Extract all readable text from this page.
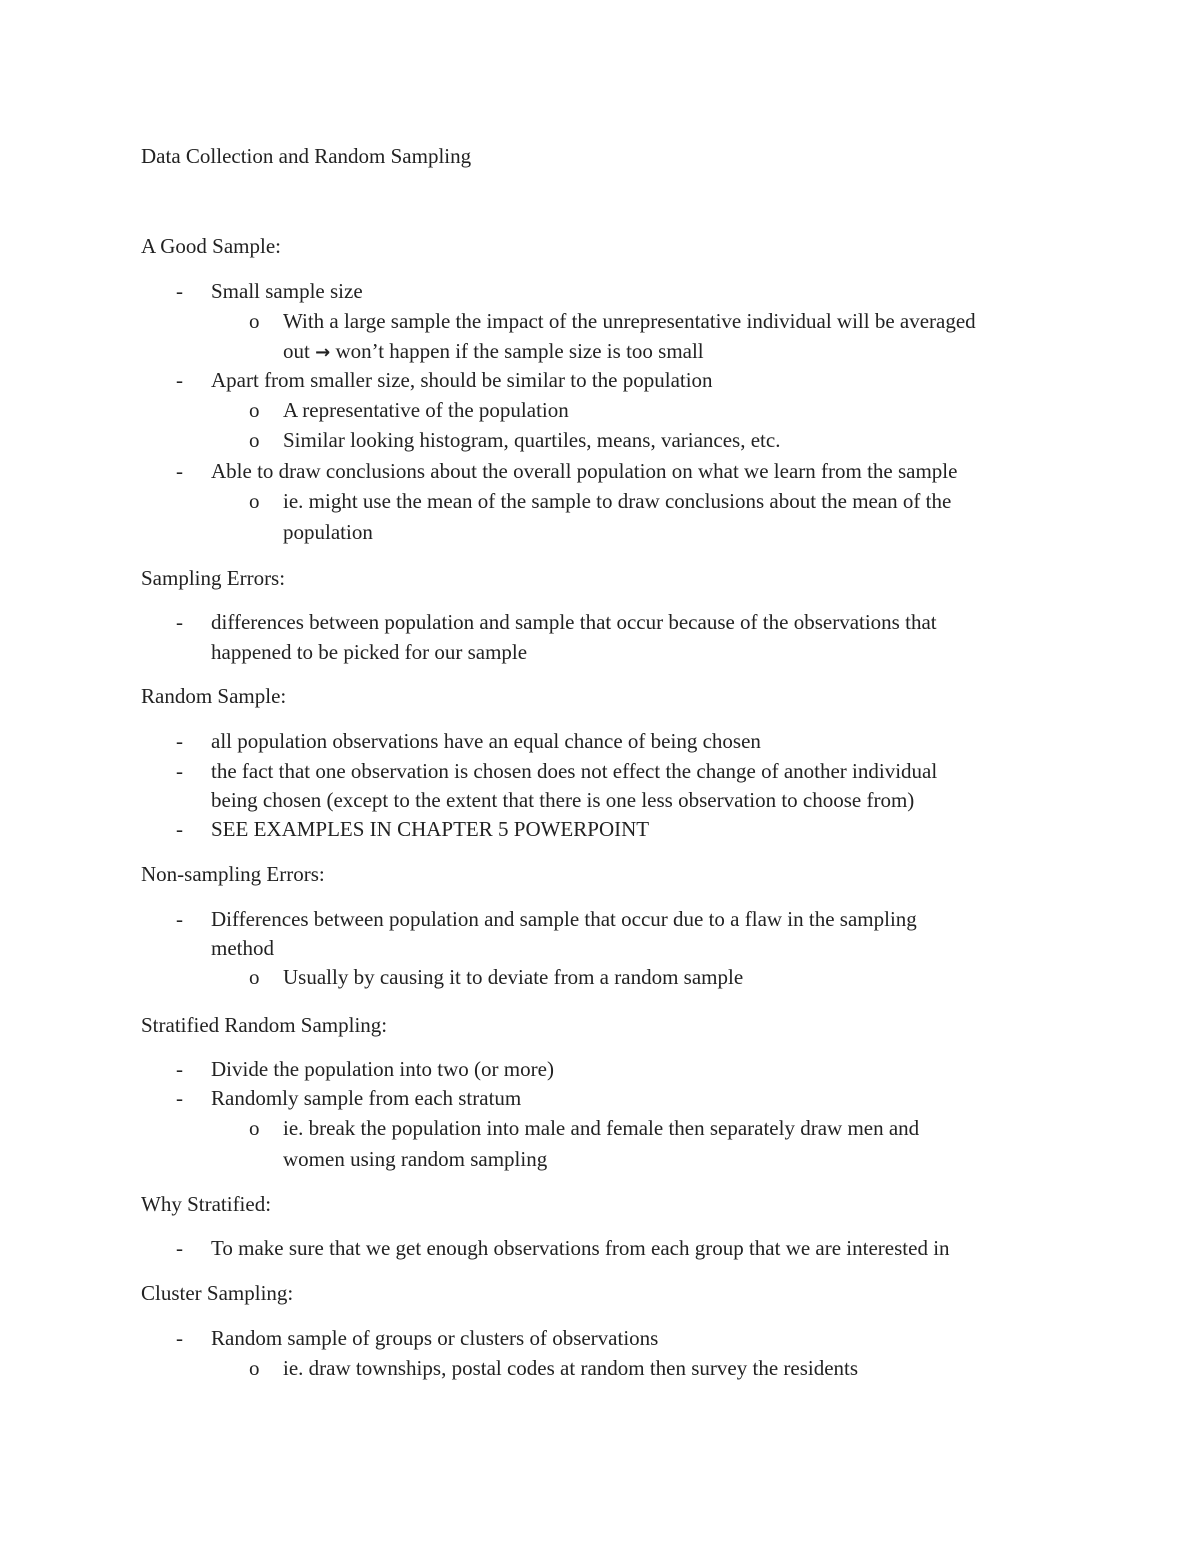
Data Collection and Random Sampling
A Good Sample:
- Small sample size
o With a large sample the impact of the unrepresentative individual will be averaged
out → won’t happen if the sample size is too small
- Apart from smaller size, should be similar to the population
o A representative of the population
o Similar looking histogram, quartiles, means, variances, etc.
- Able to draw conclusions about the overall population on what we learn from the sample
o ie. might use the mean of the sample to draw conclusions about the mean of the
population
Sampling Errors:
- differences between population and sample that occur because of the observations that
happened to be picked for our sample
Random Sample:
- all population observations have an equal chance of being chosen
- the fact that one observation is chosen does not effect the change of another individual
being chosen (except to the extent that there is one less observation to choose from)
- SEE EXAMPLES IN CHAPTER 5 POWERPOINT
Non-sampling Errors:
- Differences between population and sample that occur due to a flaw in the sampling
method
o Usually by causing it to deviate from a random sample
Stratified Random Sampling:
- Divide the population into two (or more)
- Randomly sample from each stratum
o ie. break the population into male and female then separately draw men and
women using random sampling
Why Stratified:
- To make sure that we get enough observations from each group that we are interested in
Cluster Sampling:
- Random sample of groups or clusters of observations
o ie. draw townships, postal codes at random then survey the residents
